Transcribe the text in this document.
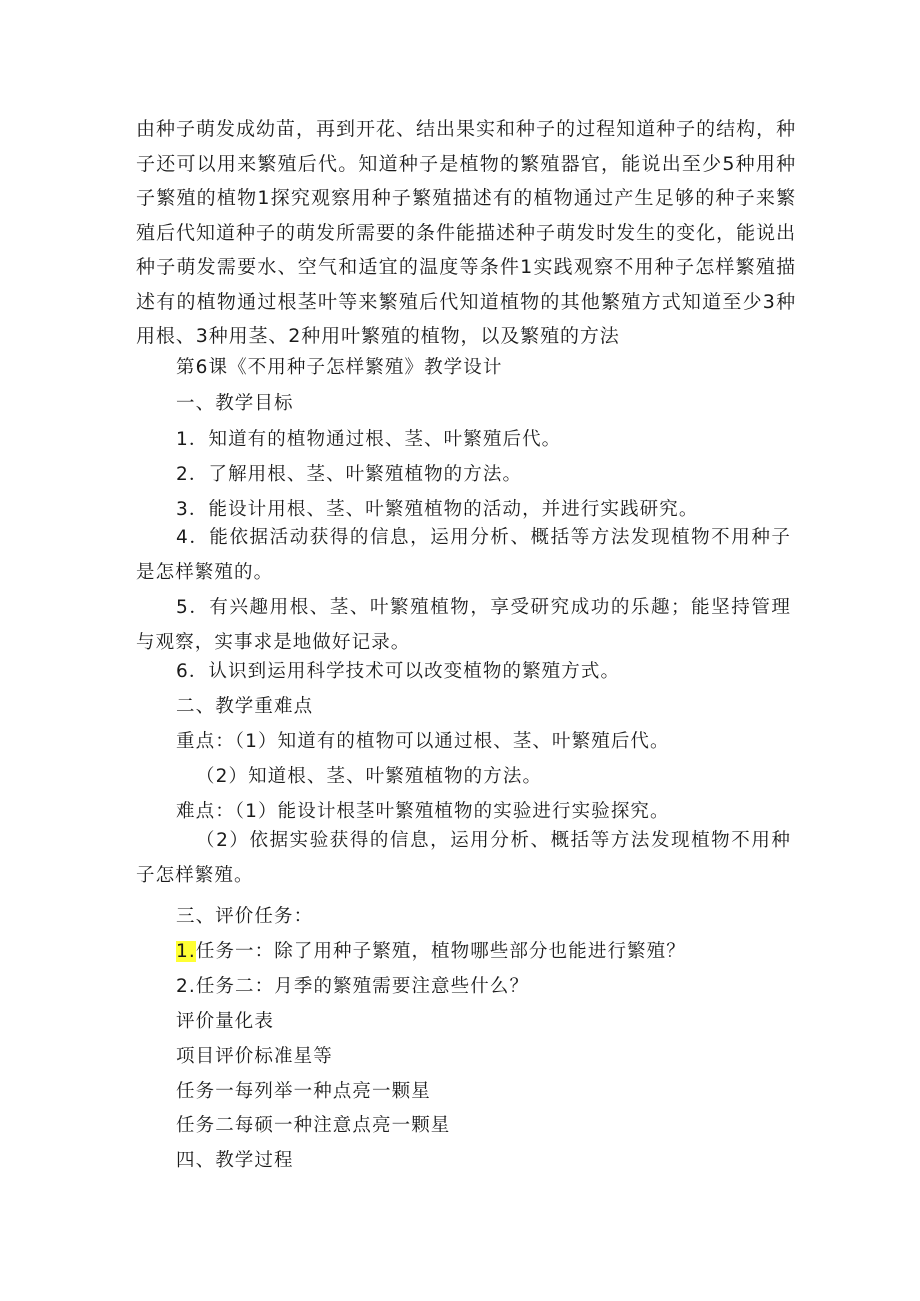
由种子萌发成幼苗，再到开花、结出果实和种子的过程知道种子的结构，种子还可以用来繁殖后代。知道种子是植物的繁殖器官，能说出至少5种用种子繁殖的植物1探究观察用种子繁殖描述有的植物通过产生足够的种子来繁殖后代知道种子的萌发所需要的条件能描述种子萌发时发生的变化，能说出种子萌发需要水、空气和适宜的温度等条件1实践观察不用种子怎样繁殖描述有的植物通过根茎叶等来繁殖后代知道植物的其他繁殖方式知道至少3种用根、3种用茎、2种用叶繁殖的植物，以及繁殖的方法
第6课《不用种子怎样繁殖》教学设计
一、教学目标
1．知道有的植物通过根、茎、叶繁殖后代。
2．了解用根、茎、叶繁殖植物的方法。
3．能设计用根、茎、叶繁殖植物的活动，并进行实践研究。
4．能依据活动获得的信息，运用分析、概括等方法发现植物不用种子是怎样繁殖的。
5．有兴趣用根、茎、叶繁殖植物，享受研究成功的乐趣；能坚持管理与观察，实事求是地做好记录。
6．认识到运用科学技术可以改变植物的繁殖方式。
二、教学重难点
重点：（1）知道有的植物可以通过根、茎、叶繁殖后代。
（2）知道根、茎、叶繁殖植物的方法。
难点：（1）能设计根茎叶繁殖植物的实验进行实验探究。
（2）依据实验获得的信息，运用分析、概括等方法发现植物不用种子怎样繁殖。
三、评价任务：
1.任务一：除了用种子繁殖，植物哪些部分也能进行繁殖？
2.任务二：月季的繁殖需要注意些什么？
评价量化表
项目评价标准星等
任务一每列举一种点亮一颗星
任务二每硕一种注意点亮一颗星
四、教学过程
